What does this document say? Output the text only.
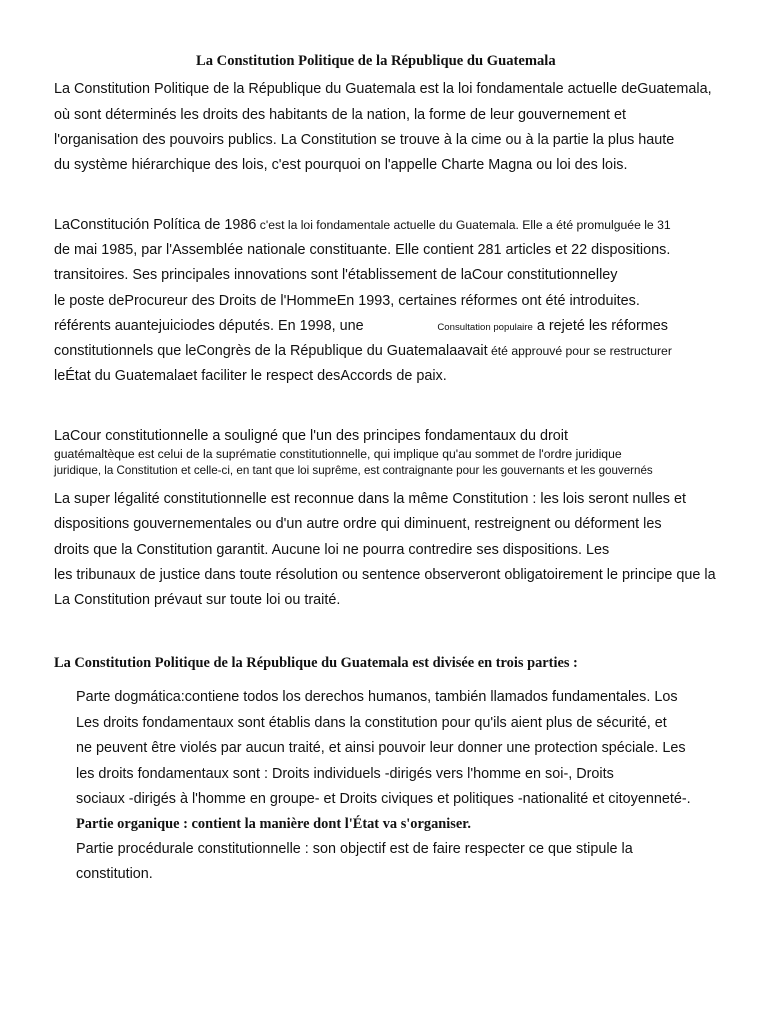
La Constitution Politique de la République du Guatemala
La Constitution Politique de la République du Guatemala est la loi fondamentale actuelle deGuatemala,
où sont déterminés les droits des habitants de la nation, la forme de leur gouvernement et
l'organisation des pouvoirs publics. La Constitution se trouve à la cime ou à la partie la plus haute
du système hiérarchique des lois, c'est pourquoi on l'appelle Charte Magna ou loi des lois.
LaConstitución Política de 1986 c'est la loi fondamentale actuelle du Guatemala. Elle a été promulguée le 31
de mai 1985, par l'Assemblée nationale constituante. Elle contient 281 articles et 22 dispositions.
transitoires. Ses principales innovations sont l'établissement de laCour constitutionnelley
le poste deProcureur des Droits de l'HommeEn 1993, certaines réformes ont été introduites.
référents auantejuiciodes députés. En 1998, une	Consultation populaire a rejeté les réformes
constitutionnels que leCongrès de la République du Guatemalaavait été approuvé pour se restructurer
leÉtat du Guatemalaet faciliter le respect desAccords de paix.
LaCour constitutionnelle a souligné que l'un des principes fondamentaux du droit
guatémaltèque est celui de la suprématie constitutionnelle, qui implique qu'au sommet de l'ordre juridique
juridique, la Constitution et celle-ci, en tant que loi suprême, est contraignante pour les gouvernants et les gouvernés
La super légalité constitutionnelle est reconnue dans la même Constitution : les lois seront nulles et
dispositions gouvernementales ou d'un autre ordre qui diminuent, restreignent ou déforment les
droits que la Constitution garantit. Aucune loi ne pourra contredire ses dispositions. Les
les tribunaux de justice dans toute résolution ou sentence observeront obligatoirement le principe que la
La Constitution prévaut sur toute loi ou traité.
La Constitution Politique de la République du Guatemala est divisée en trois parties :
Parte dogmática:contiene todos los derechos humanos, también llamados fundamentales. Los
Les droits fondamentaux sont établis dans la constitution pour qu'ils aient plus de sécurité, et
ne peuvent être violés par aucun traité, et ainsi pouvoir leur donner une protection spéciale. Les
les droits fondamentaux sont : Droits individuels -dirigés vers l'homme en soi-, Droits
sociaux -dirigés à l'homme en groupe- et Droits civiques et politiques -nationalité et citoyenneté-.
Partie organique : contient la manière dont l'État va s'organiser.
Partie procédurale constitutionnelle : son objectif est de faire respecter ce que stipule la
constitution.
